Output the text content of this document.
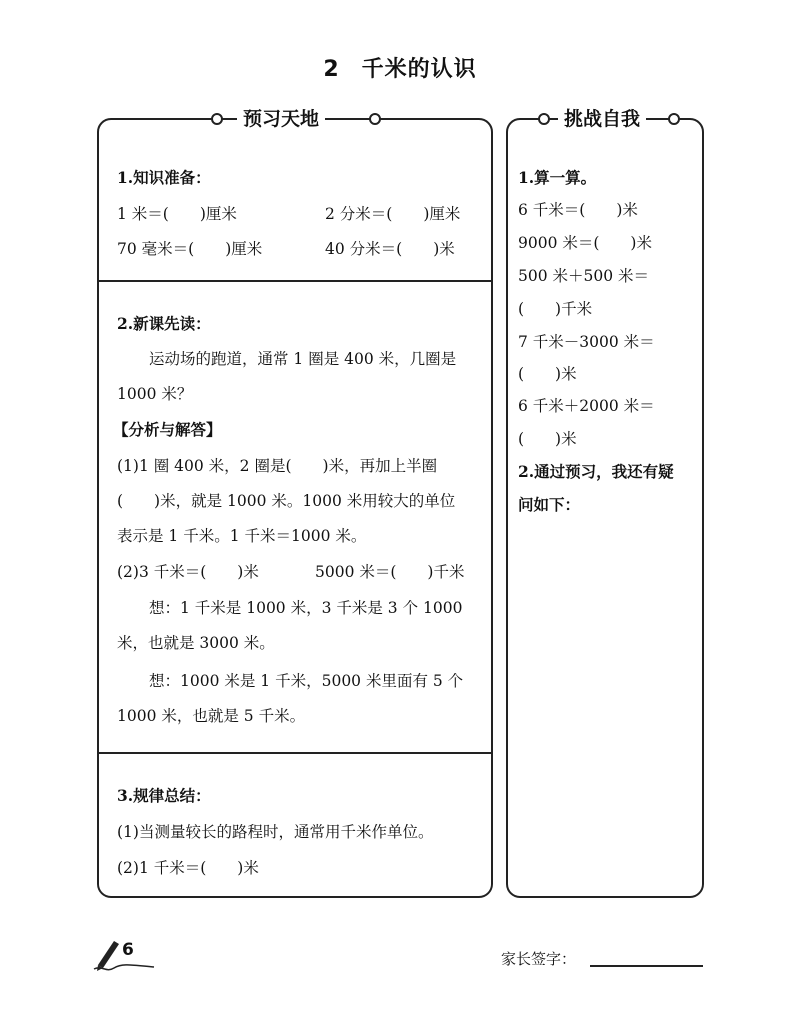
2 千米的认识
预习天地
1.知识准备：
1 米＝(　　)厘米	2 分米＝(　　)厘米
70 毫米＝(　　)厘米	40 分米＝(　　)米
2.新课先读：
运动场的跑道，通常 1 圈是 400 米，几圈是
1000 米？
【分析与解答】
(1)1 圈 400 米，2 圈是(　　)米，再加上半圈
(　　)米，就是 1000 米。1000 米用较大的单位
表示是 1 千米。1 千米＝1000 米。
(2)3 千米＝(　　)米	5000 米＝(　　)千米
想：1 千米是 1000 米，3 千米是 3 个 1000
米，也就是 3000 米。
想：1000 米是 1 千米，5000 米里面有 5 个
1000 米，也就是 5 千米。
3.规律总结：
(1)当测量较长的路程时，通常用千米作单位。
(2)1 千米＝(　　)米
挑战自我
1.算一算。
6 千米＝(　　)米
9000 米＝(　　)米
500 米＋500 米＝
(　　)千米
7 千米－3000 米＝
(　　)米
6 千米＋2000 米＝
(　　)米
2.通过预习，我还有疑
问如下：
6	家长签字：
